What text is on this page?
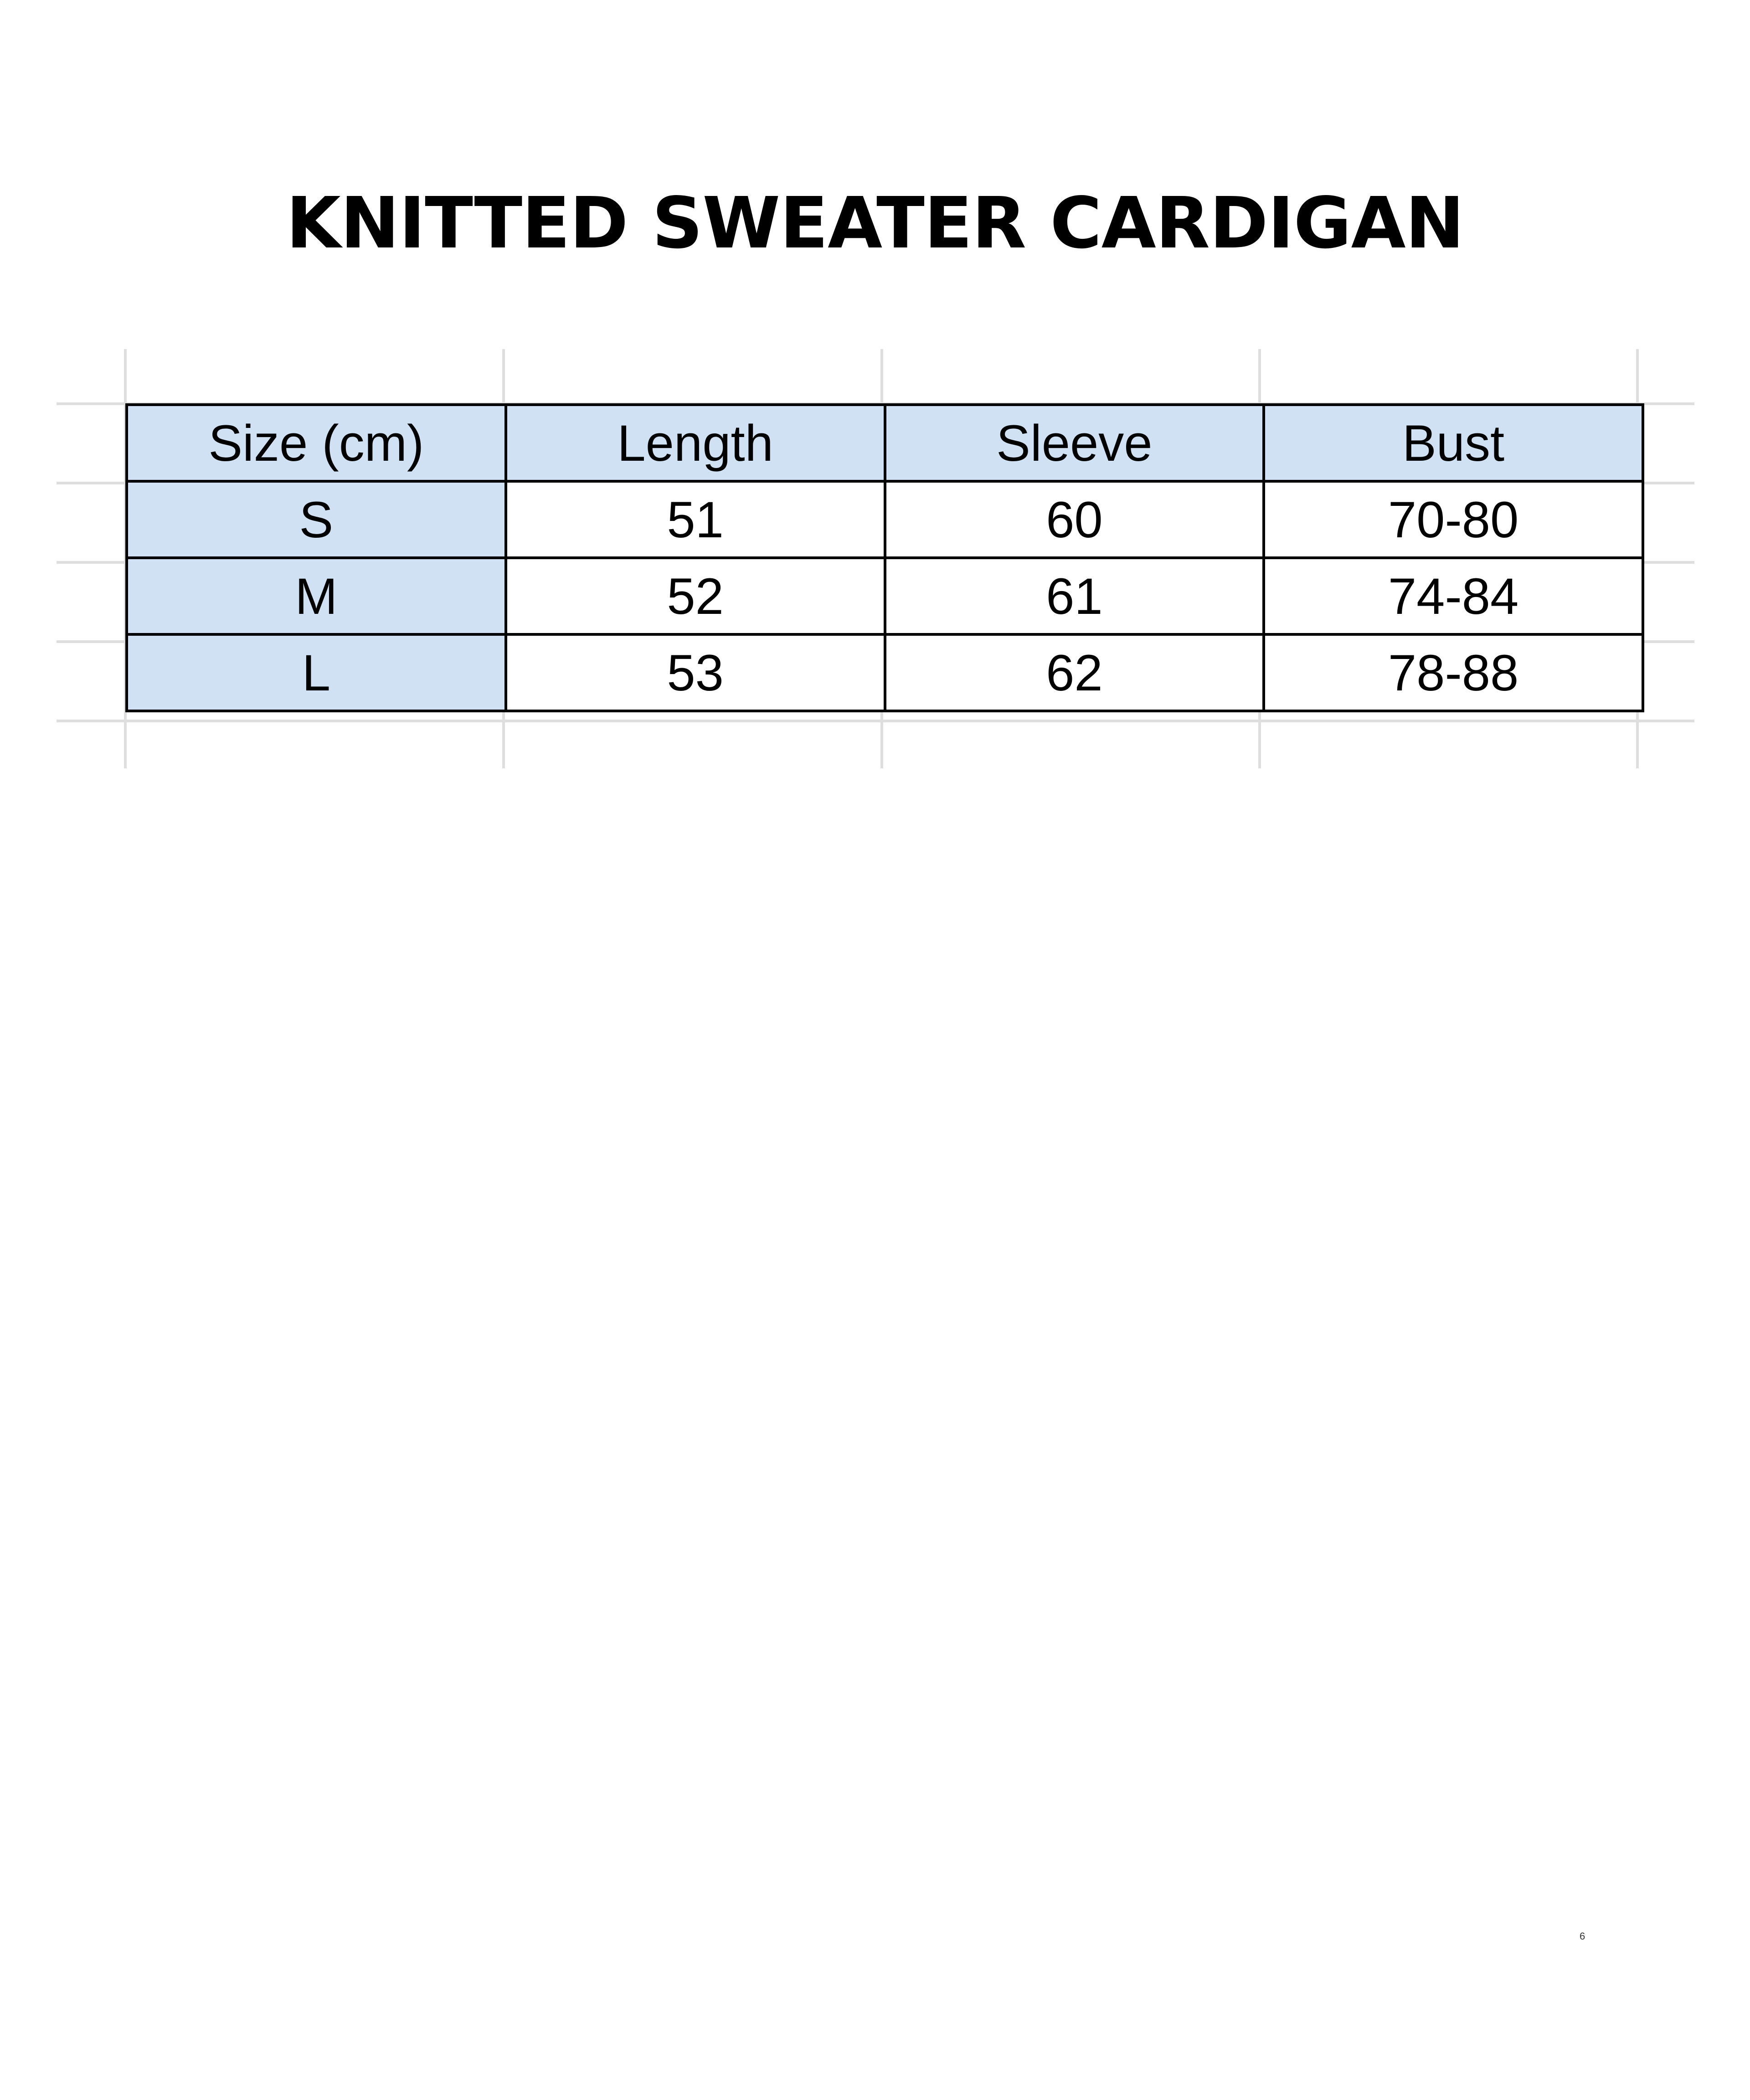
KNITTED SWEATER CARDIGAN
Size (cm)	Length	Sleeve	Bust
S	51	60	70-80
M	52	61	74-84
L	53	62	78-88
6
